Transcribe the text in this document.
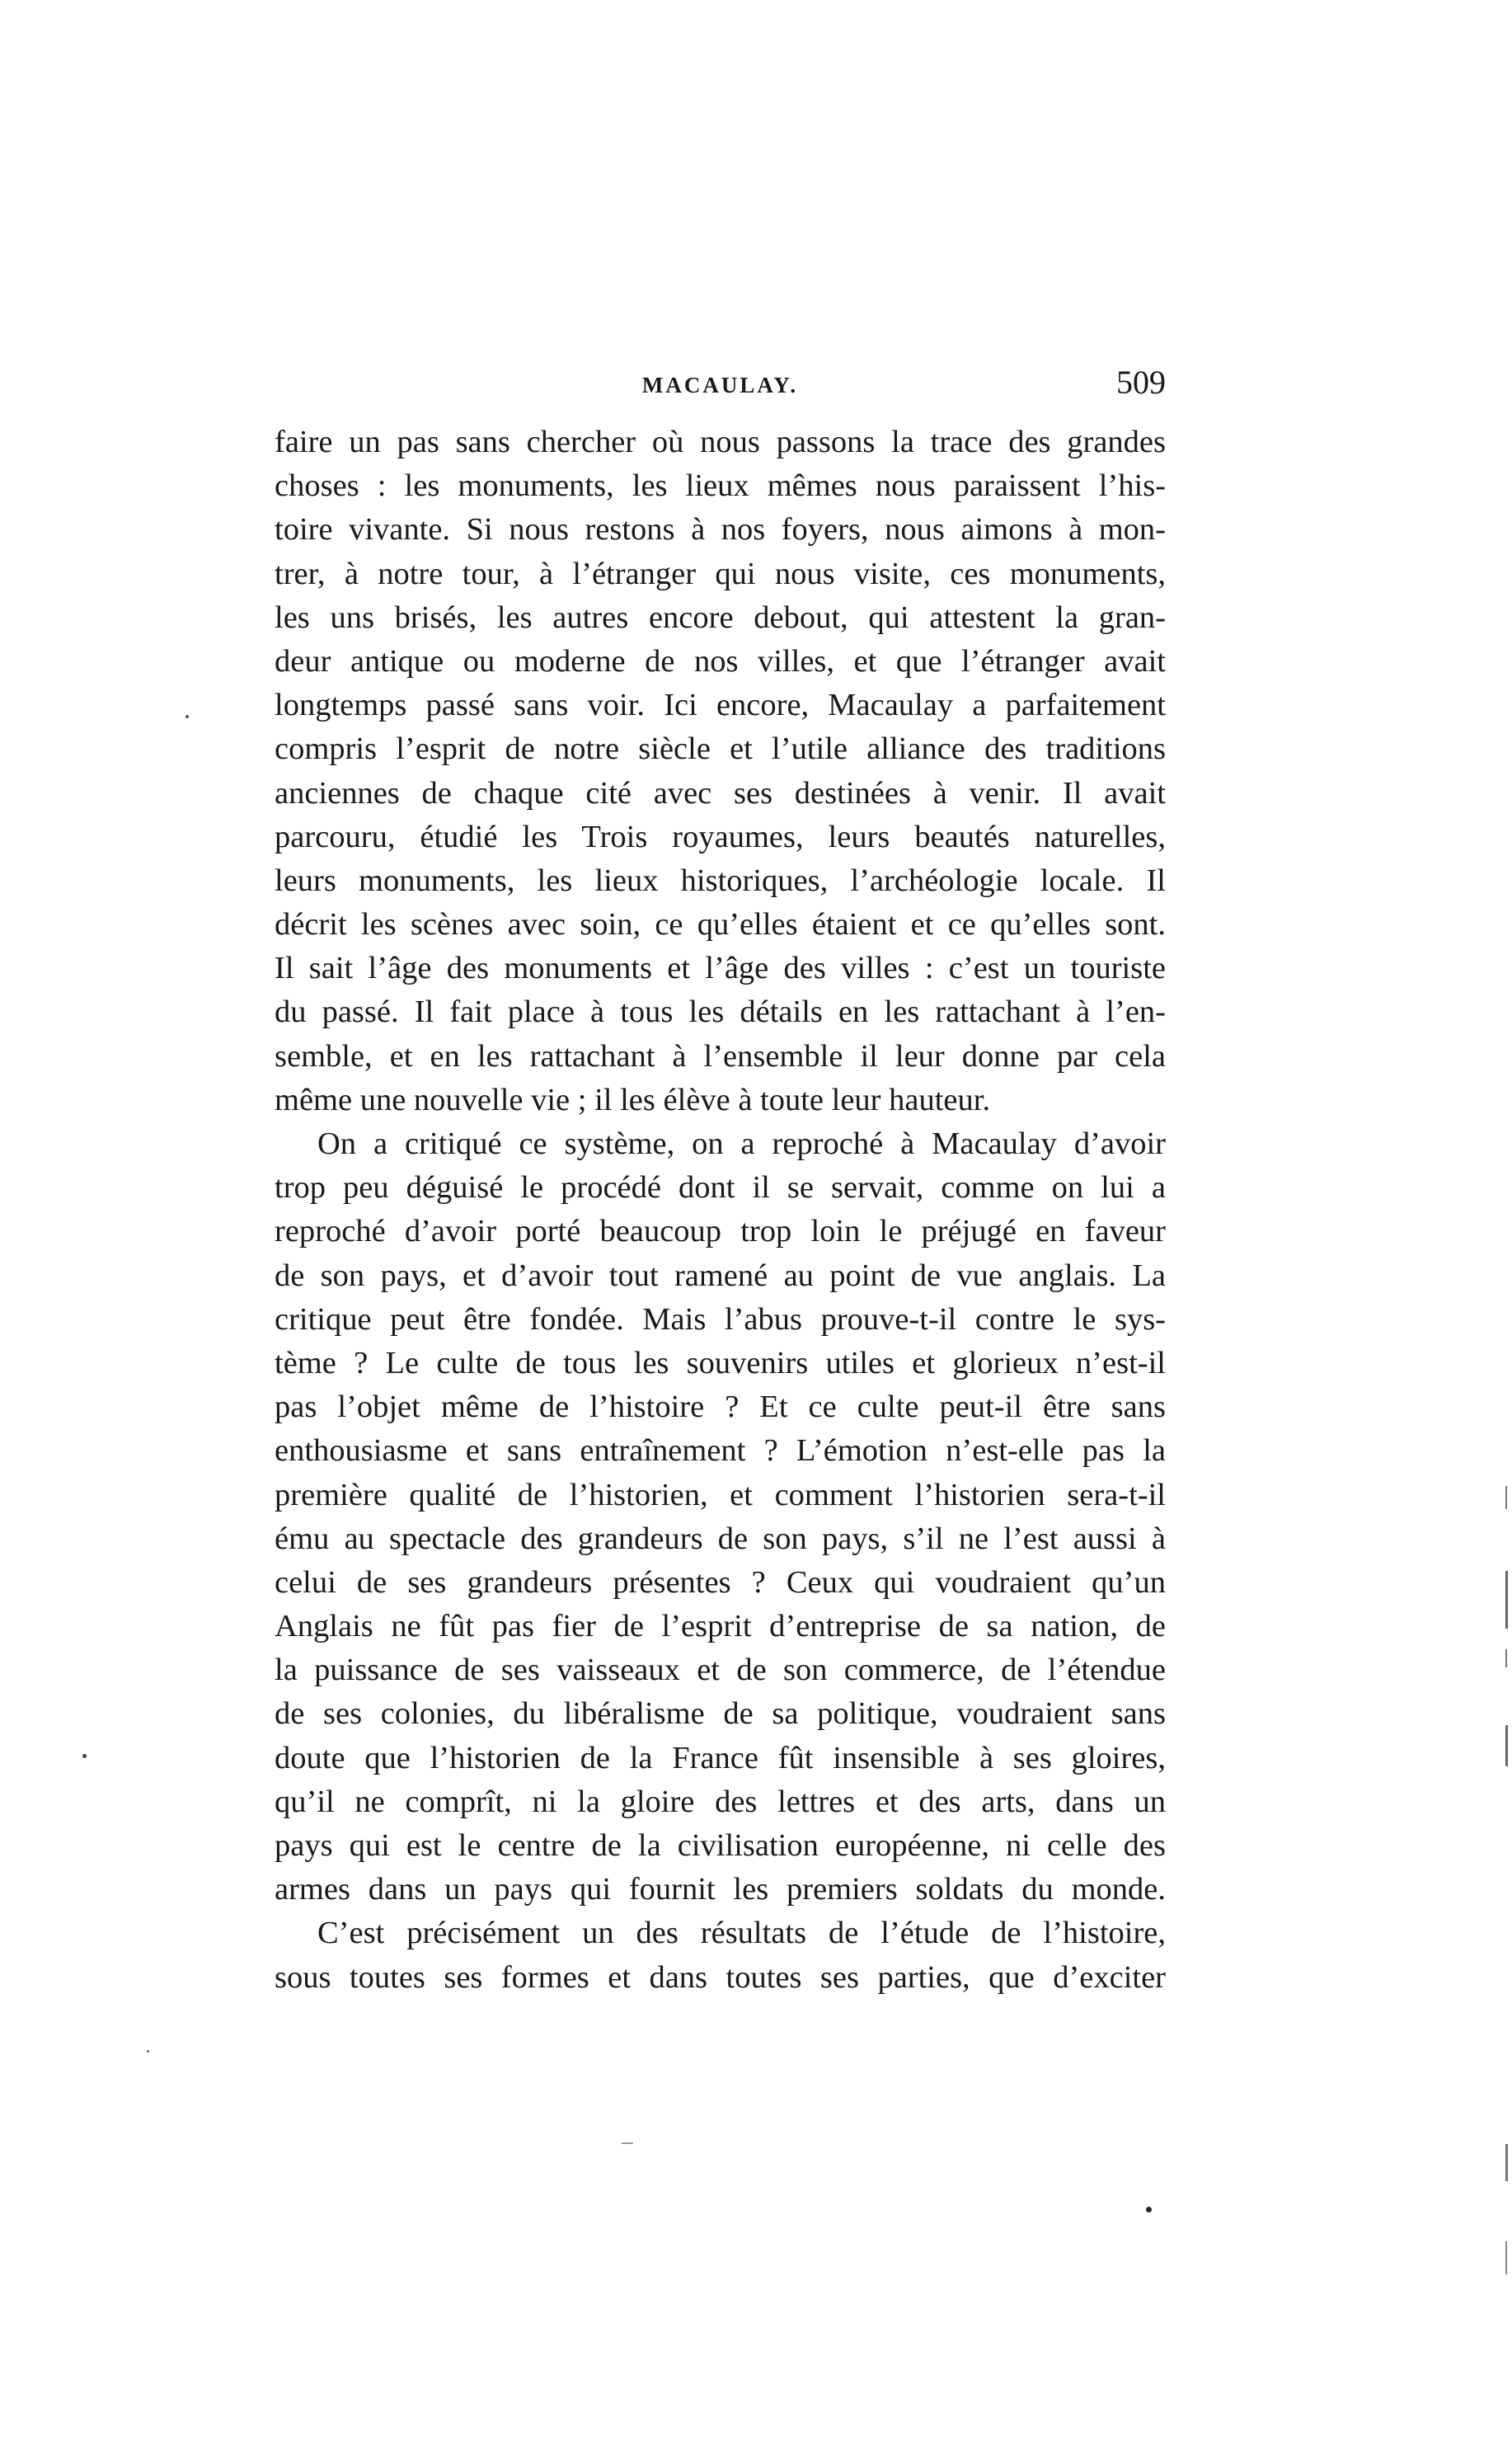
MACAULAY.	509
faire un pas sans chercher où nous passons la trace des grandes
choses : les monuments, les lieux mêmes nous paraissent l’his-
toire vivante. Si nous restons à nos foyers, nous aimons à mon-
trer, à notre tour, à l’étranger qui nous visite, ces monuments,
les uns brisés, les autres encore debout, qui attestent la gran-
deur antique ou moderne de nos villes, et que l’étranger avait
longtemps passé sans voir. Ici encore, Macaulay a parfaitement
compris l’esprit de notre siècle et l’utile alliance des traditions
anciennes de chaque cité avec ses destinées à venir. Il avait
parcouru, étudié les Trois royaumes, leurs beautés naturelles,
leurs monuments, les lieux historiques, l’archéologie locale. Il
décrit les scènes avec soin, ce qu’elles étaient et ce qu’elles sont.
Il sait l’âge des monuments et l’âge des villes : c’est un touriste
du passé. Il fait place à tous les détails en les rattachant à l’en-
semble, et en les rattachant à l’ensemble il leur donne par cela
même une nouvelle vie ; il les élève à toute leur hauteur.
On a critiqué ce système, on a reproché à Macaulay d’avoir
trop peu déguisé le procédé dont il se servait, comme on lui a
reproché d’avoir porté beaucoup trop loin le préjugé en faveur
de son pays, et d’avoir tout ramené au point de vue anglais. La
critique peut être fondée. Mais l’abus prouve-t-il contre le sys-
tème ? Le culte de tous les souvenirs utiles et glorieux n’est-il
pas l’objet même de l’histoire ? Et ce culte peut-il être sans
enthousiasme et sans entraînement ? L’émotion n’est-elle pas la
première qualité de l’historien, et comment l’historien sera-t-il
ému au spectacle des grandeurs de son pays, s’il ne l’est aussi à
celui de ses grandeurs présentes ? Ceux qui voudraient qu’un
Anglais ne fût pas fier de l’esprit d’entreprise de sa nation, de
la puissance de ses vaisseaux et de son commerce, de l’étendue
de ses colonies, du libéralisme de sa politique, voudraient sans
doute que l’historien de la France fût insensible à ses gloires,
qu’il ne comprît, ni la gloire des lettres et des arts, dans un
pays qui est le centre de la civilisation européenne, ni celle des
armes dans un pays qui fournit les premiers soldats du monde.
C’est précisément un des résultats de l’étude de l’histoire,
sous toutes ses formes et dans toutes ses parties, que d’exciter
